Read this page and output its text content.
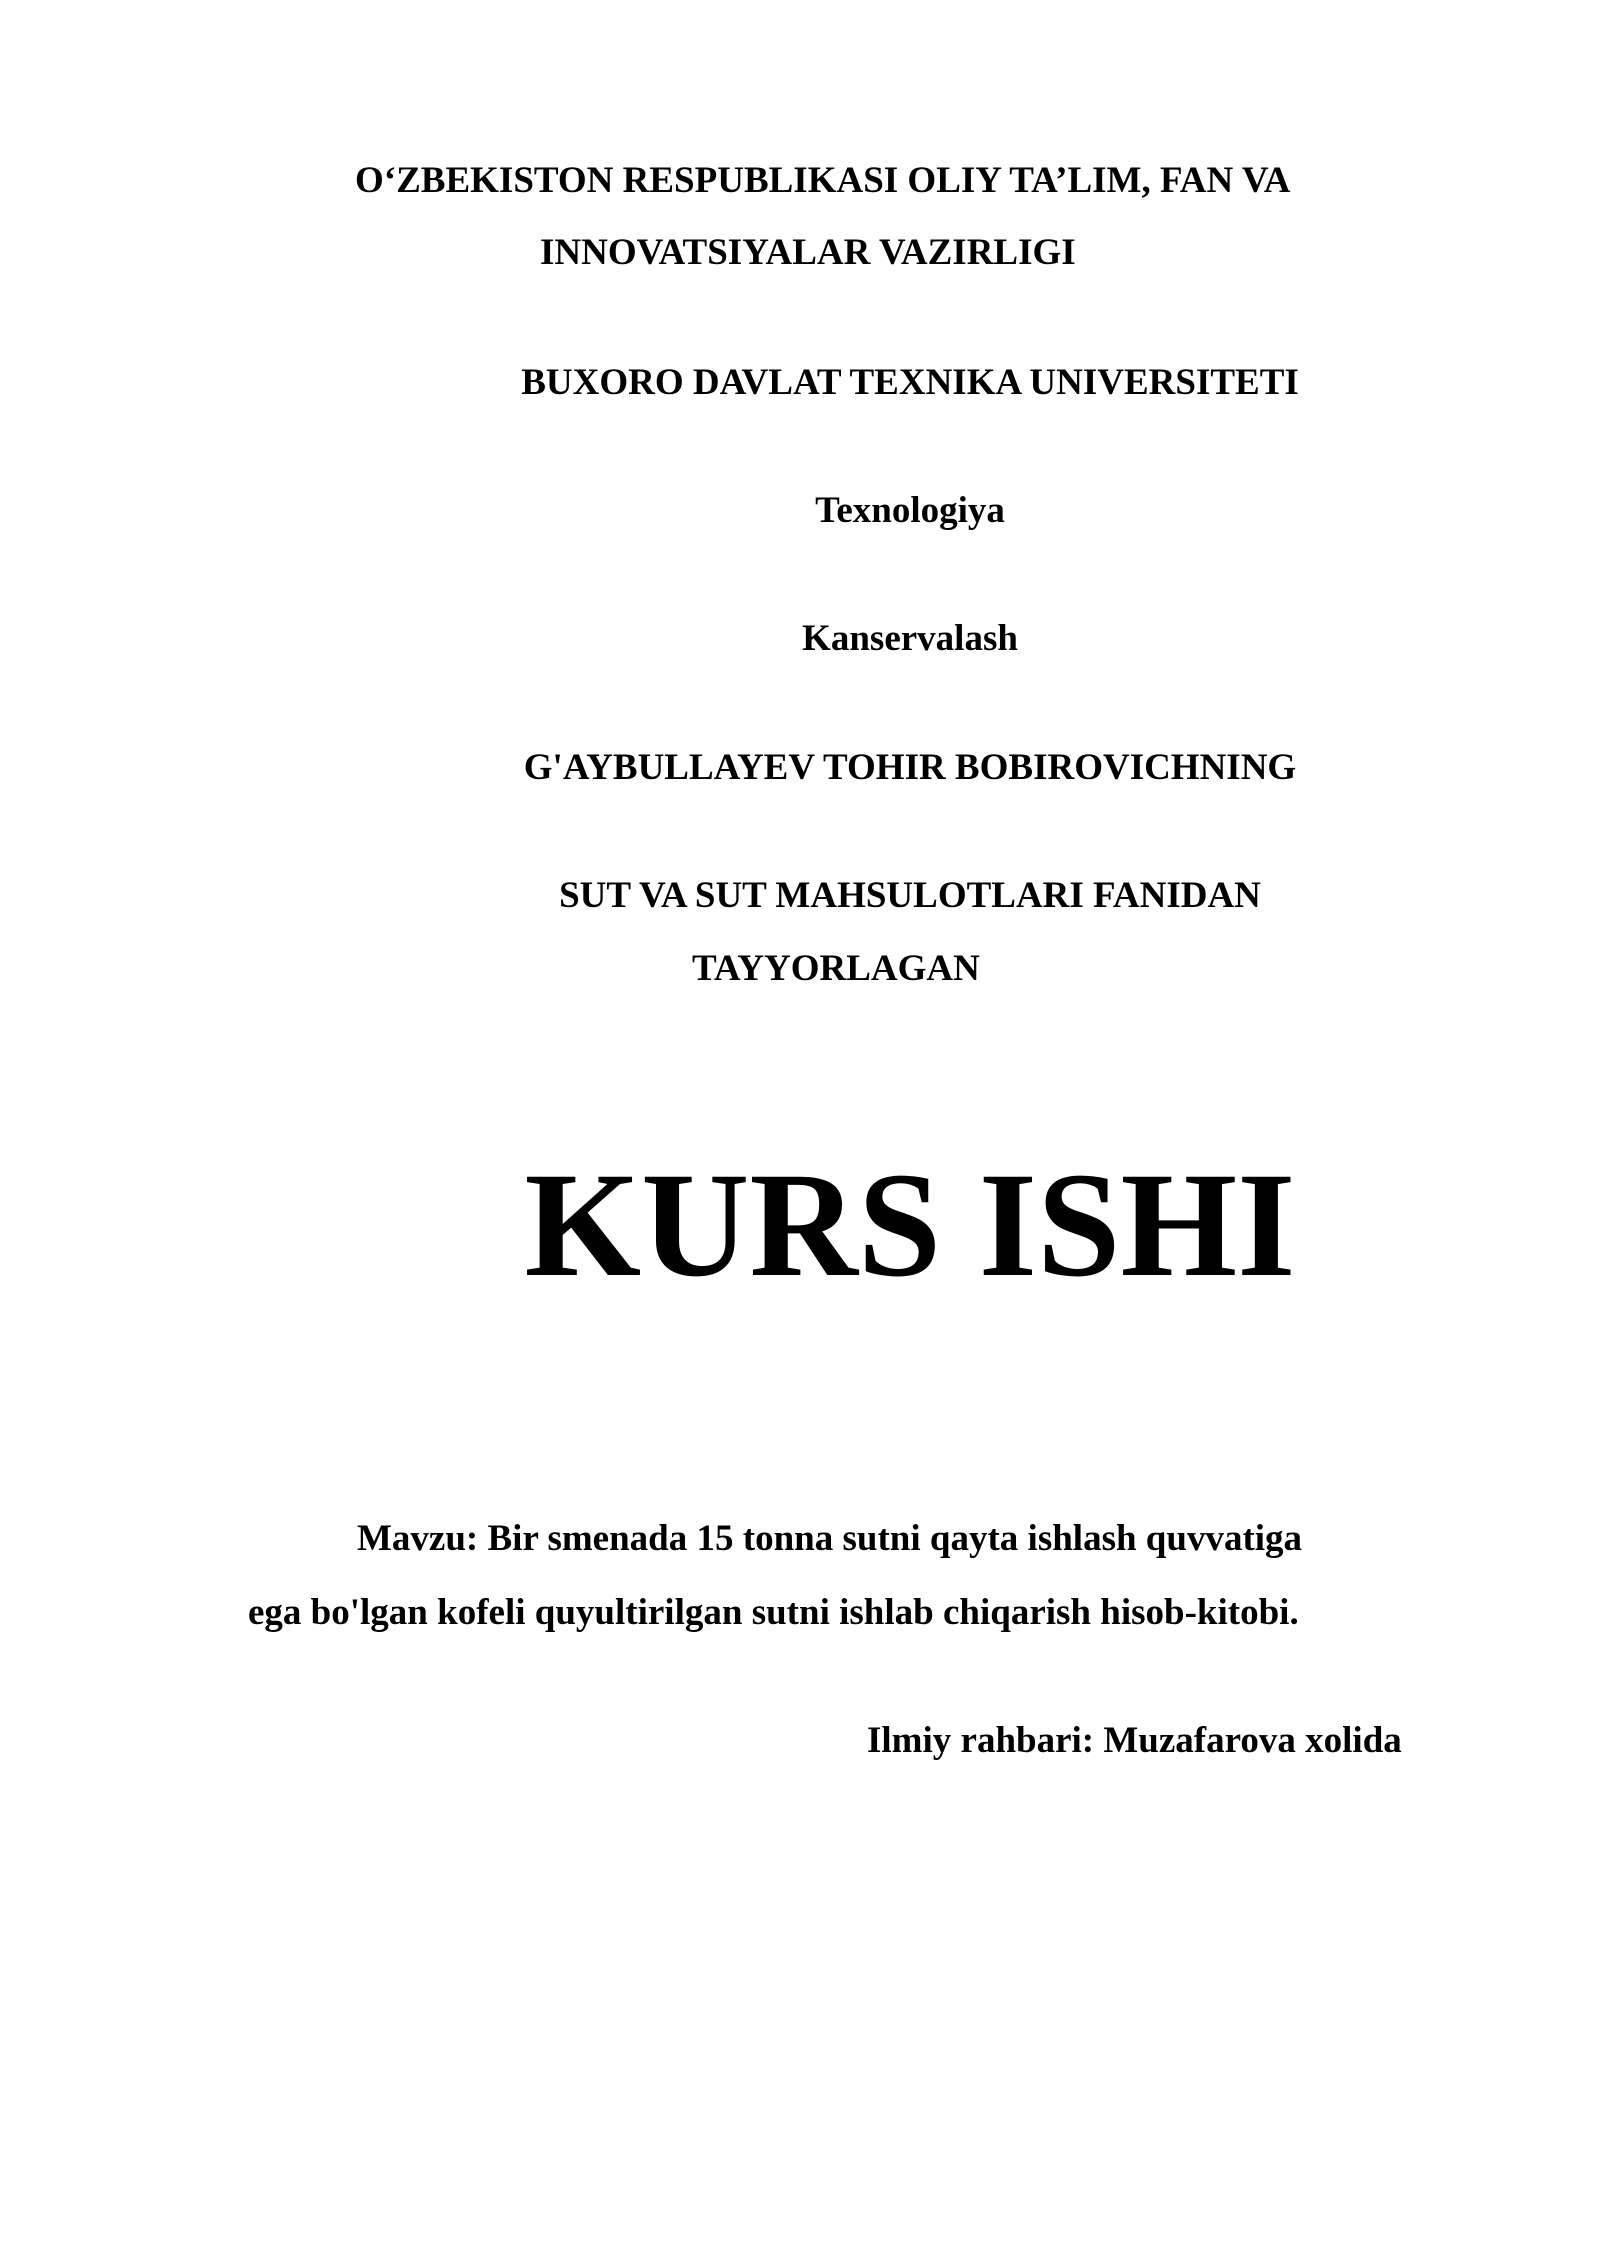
O‘ZBEKISTON RESPUBLIKASI OLIY TA’LIM, FAN VA
INNOVATSIYALAR VAZIRLIGI
BUXORO DAVLAT TEXNIKA UNIVERSITETI
Texnologiya
Kanservalash
G'AYBULLAYEV TOHIR BOBIROVICHNING
SUT VA SUT MAHSULOTLARI FANIDAN
TAYYORLAGAN
KURS ISHI
Mavzu: Bir smenada 15 tonna sutni qayta ishlash quvvatiga
ega bo'lgan kofeli quyultirilgan sutni ishlab chiqarish hisob-kitobi.
Ilmiy rahbari: Muzafarova xolida
